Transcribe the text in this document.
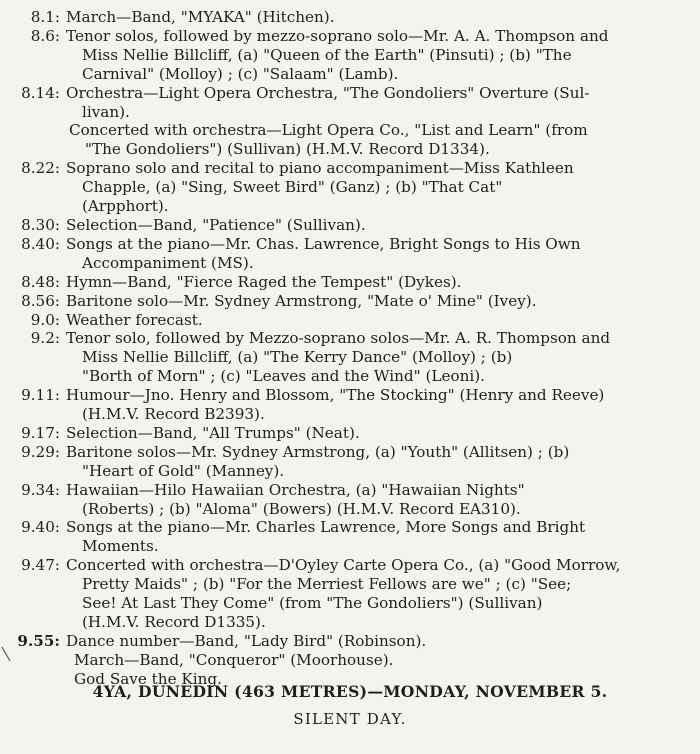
8.1: March—Band, "MYAKA" (Hitchen).
8.6: Tenor solos, followed by mezzo-soprano solo—Mr. A. A. Thompson and
Miss Nellie Billcliff, (a) "Queen of the Earth" (Pinsuti) ; (b) "The
Carnival" (Molloy) ; (c) "Salaam" (Lamb).
8.14: Orchestra—Light Opera Orchestra, "The Gondoliers" Overture (Sul-
livan).
Concerted with orchestra—Light Opera Co., "List and Learn" (from
"The Gondoliers") (Sullivan) (H.M.V. Record D1334).
8.22: Soprano solo and recital to piano accompaniment—Miss Kathleen
Chapple, (a) "Sing, Sweet Bird" (Ganz) ; (b) "That Cat"
(Arpphort).
8.30: Selection—Band, "Patience" (Sullivan).
8.40: Songs at the piano—Mr. Chas. Lawrence, Bright Songs to His Own
Accompaniment (MS).
8.48: Hymn—Band, "Fierce Raged the Tempest" (Dykes).
8.56: Baritone solo—Mr. Sydney Armstrong, "Mate o' Mine" (Ivey).
9.0: Weather forecast.
9.2: Tenor solo, followed by Mezzo-soprano solos—Mr. A. R. Thompson and
Miss Nellie Billcliff, (a) "The Kerry Dance" (Molloy) ; (b)
"Borth of Morn" ; (c) "Leaves and the Wind" (Leoni).
9.11: Humour—Jno. Henry and Blossom, "The Stocking" (Henry and Reeve)
(H.M.V. Record B2393).
9.17: Selection—Band, "All Trumps" (Neat).
9.29: Baritone solos—Mr. Sydney Armstrong, (a) "Youth" (Allitsen) ; (b)
"Heart of Gold" (Manney).
9.34: Hawaiian—Hilo Hawaiian Orchestra, (a) "Hawaiian Nights"
(Roberts) ; (b) "Aloma" (Bowers) (H.M.V. Record EA310).
9.40: Songs at the piano—Mr. Charles Lawrence, More Songs and Bright
Moments.
9.47: Concerted with orchestra—D'Oyley Carte Opera Co., (a) "Good Morrow,
Pretty Maids" ; (b) "For the Merriest Fellows are we" ; (c) "See;
See! At Last They Come" (from "The Gondoliers") (Sullivan)
(H.M.V. Record D1335).
9.55: Dance number—Band, "Lady Bird" (Robinson).
March—Band, "Conqueror" (Moorhouse).
God Save the King.
4YA, DUNEDIN (463 METRES)—MONDAY, NOVEMBER 5.
SILENT DAY.
